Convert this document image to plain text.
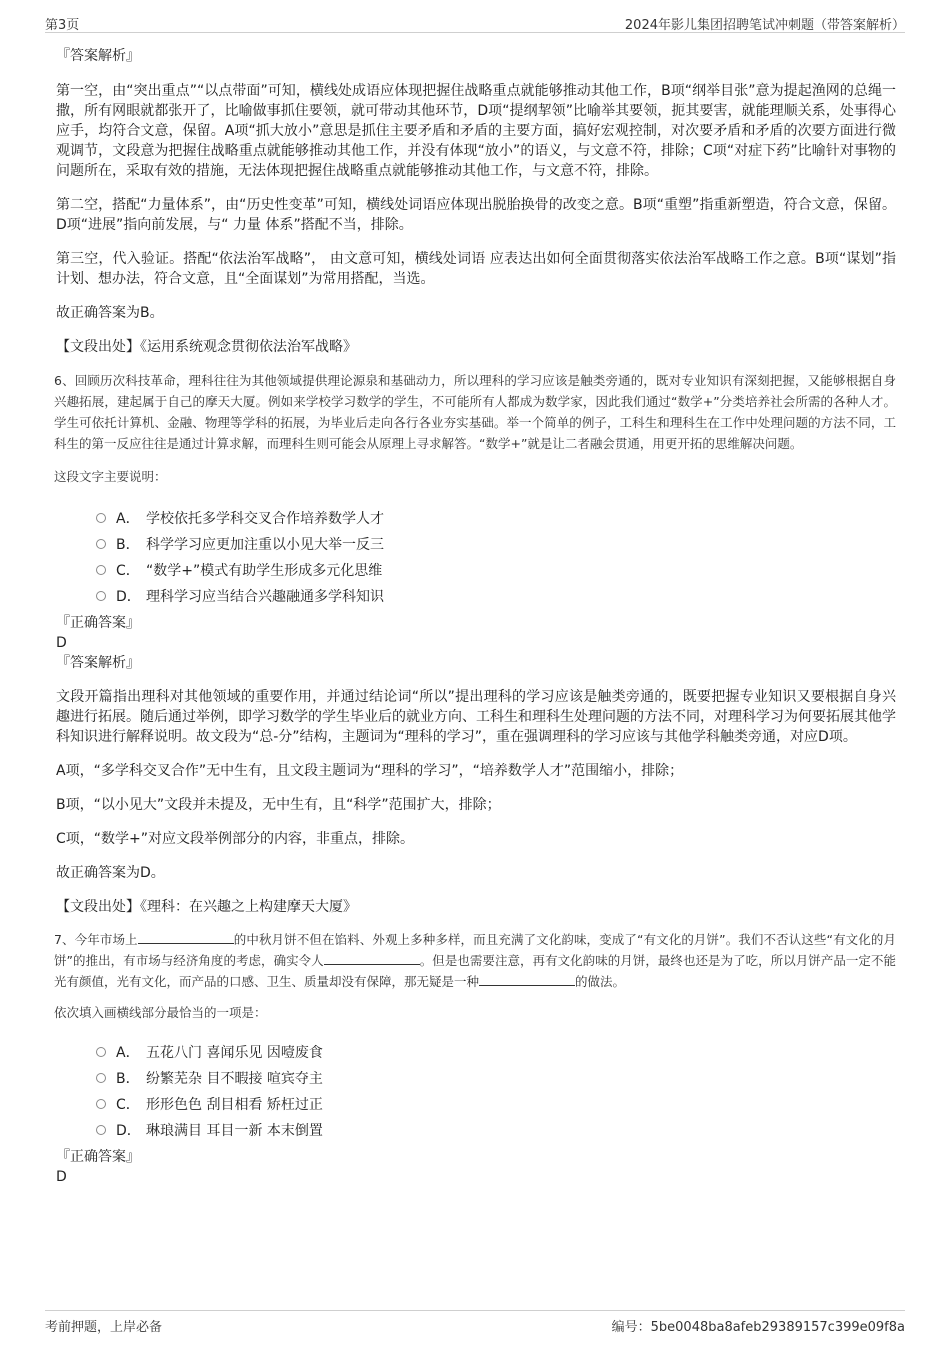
第3页	2024年影儿集团招聘笔试冲刺题（带答案解析）

『答案解析』

第一空，由“突出重点”“以点带面”可知，横线处成语应体现把握住战略重点就能够推动其他工作，B项“纲举目张”意为提起渔网的总绳一撒，所有网眼就都张开了，比喻做事抓住要领，就可带动其他环节，D项“提纲挈领”比喻举其要领，扼其要害，就能理顺关系，处事得心应手，均符合文意，保留。A项“抓大放小”意思是抓住主要矛盾和矛盾的主要方面，搞好宏观控制，对次要矛盾和矛盾的次要方面进行微观调节，文段意为把握住战略重点就能够推动其他工作，并没有体现“放小”的语义，与文意不符，排除；C项“对症下药”比喻针对事物的问题所在，采取有效的措施，无法体现把握住战略重点就能够推动其他工作，与文意不符，排除。

第二空，搭配“力量体系”，由“历史性变革”可知，横线处词语应体现出脱胎换骨的改变之意。B项“重塑”指重新塑造，符合文意，保留。D项“进展”指向前发展，与“ 力量 体系”搭配不当，排除。

第三空，代入验证。搭配“依法治军战略”， 由文意可知，横线处词语 应表达出如何全面贯彻落实依法治军战略工作之意。B项“谋划”指计划、想办法，符合文意，且“全面谋划”为常用搭配，当选。

故正确答案为B。

【文段出处】《运用系统观念贯彻依法治军战略》

6、回顾历次科技革命，理科往往为其他领域提供理论源泉和基础动力，所以理科的学习应该是触类旁通的，既对专业知识有深刻把握，又能够根据自身兴趣拓展，建起属于自己的摩天大厦。例如来学校学习数学的学生，不可能所有人都成为数学家，因此我们通过“数学+”分类培养社会所需的各种人才。学生可依托计算机、金融、物理等学科的拓展，为毕业后走向各行各业夯实基础。举一个简单的例子，工科生和理科生在工作中处理问题的方法不同，工科生的第一反应往往是通过计算求解，而理科生则可能会从原理上寻求解答。“数学+”就是让二者融会贯通，用更开拓的思维解决问题。

这段文字主要说明：

A． 学校依托多学科交叉合作培养数学人才
B． 科学学习应更加注重以小见大举一反三
C． “数学+”模式有助学生形成多元化思维
D． 理科学习应当结合兴趣融通多学科知识

『正确答案』

D

『答案解析』

文段开篇指出理科对其他领域的重要作用，并通过结论词“所以”提出理科的学习应该是触类旁通的，既要把握专业知识又要根据自身兴趣进行拓展。随后通过举例，即学习数学的学生毕业后的就业方向、工科生和理科生处理问题的方法不同，对理科学习为何要拓展其他学科知识进行解释说明。故文段为“总-分”结构，主题词为“理科的学习”，重在强调理科的学习应该与其他学科触类旁通，对应D项。

A项，“多学科交叉合作”无中生有，且文段主题词为“理科的学习”，“培养数学人才”范围缩小，排除；

B项，“以小见大”文段并未提及，无中生有，且“科学”范围扩大，排除；

C项，“数学+”对应文段举例部分的内容，非重点，排除。

故正确答案为D。

【文段出处】《理科：在兴趣之上构建摩天大厦》

7、今年市场上	的中秋月饼不但在馅料、外观上多种多样，而且充满了文化韵味，变成了“有文化的月饼”。我们不否认这些“有文化的月饼”的推出，有市场与经济角度的考虑，确实令人	。但是也需要注意，再有文化韵味的月饼，最终也还是为了吃，所以月饼产品一定不能光有颜值，光有文化，而产品的口感、卫生、质量却没有保障，那无疑是一种	的做法。

依次填入画横线部分最恰当的一项是：

A． 五花八门 喜闻乐见 因噎废食
B． 纷繁芜杂 目不暇接 喧宾夺主
C． 形形色色 刮目相看 矫枉过正
D． 琳琅满目 耳目一新 本末倒置

『正确答案』

D

考前押题，上岸必备	编号：5be0048ba8afeb29389157c399e09f8a
